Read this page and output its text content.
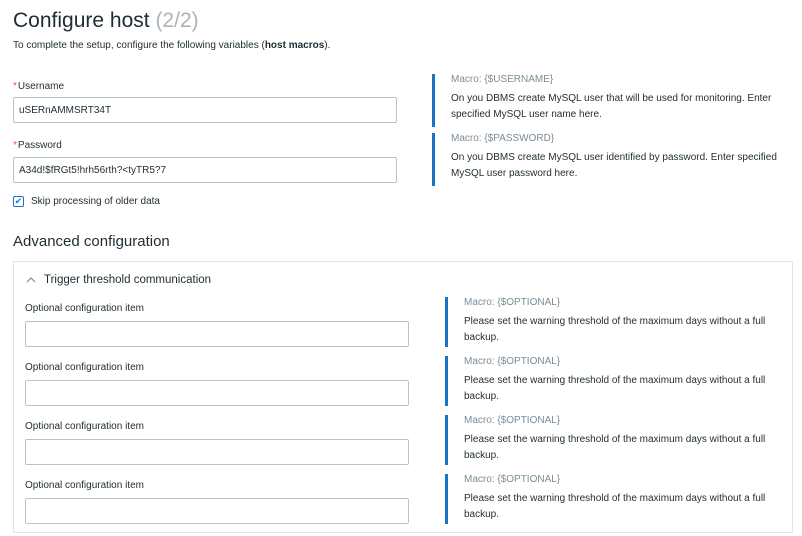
Configure host (2/2)
To complete the setup, configure the following variables (host macros).
*Username
uSERnAMMSRT34T
Macro: {$USERNAME}
On you DBMS create MySQL user that will be used for monitoring. Enter specified MySQL user name here.
*Password
A34d!$fRGt5!hrh56rth?<tyTR5?7
Macro: {$PASSWORD}
On you DBMS create MySQL user identified by password. Enter specified MySQL user password here.
✔ Skip processing of older data
Advanced configuration
Trigger threshold communication
Optional configuration item
Macro: {$OPTIONAL}
Please set the warning threshold of the maximum days without a full backup.
Optional configuration item
Macro: {$OPTIONAL}
Please set the warning threshold of the maximum days without a full backup.
Optional configuration item
Macro: {$OPTIONAL}
Please set the warning threshold of the maximum days without a full backup.
Optional configuration item
Macro: {$OPTIONAL}
Please set the warning threshold of the maximum days without a full backup.
